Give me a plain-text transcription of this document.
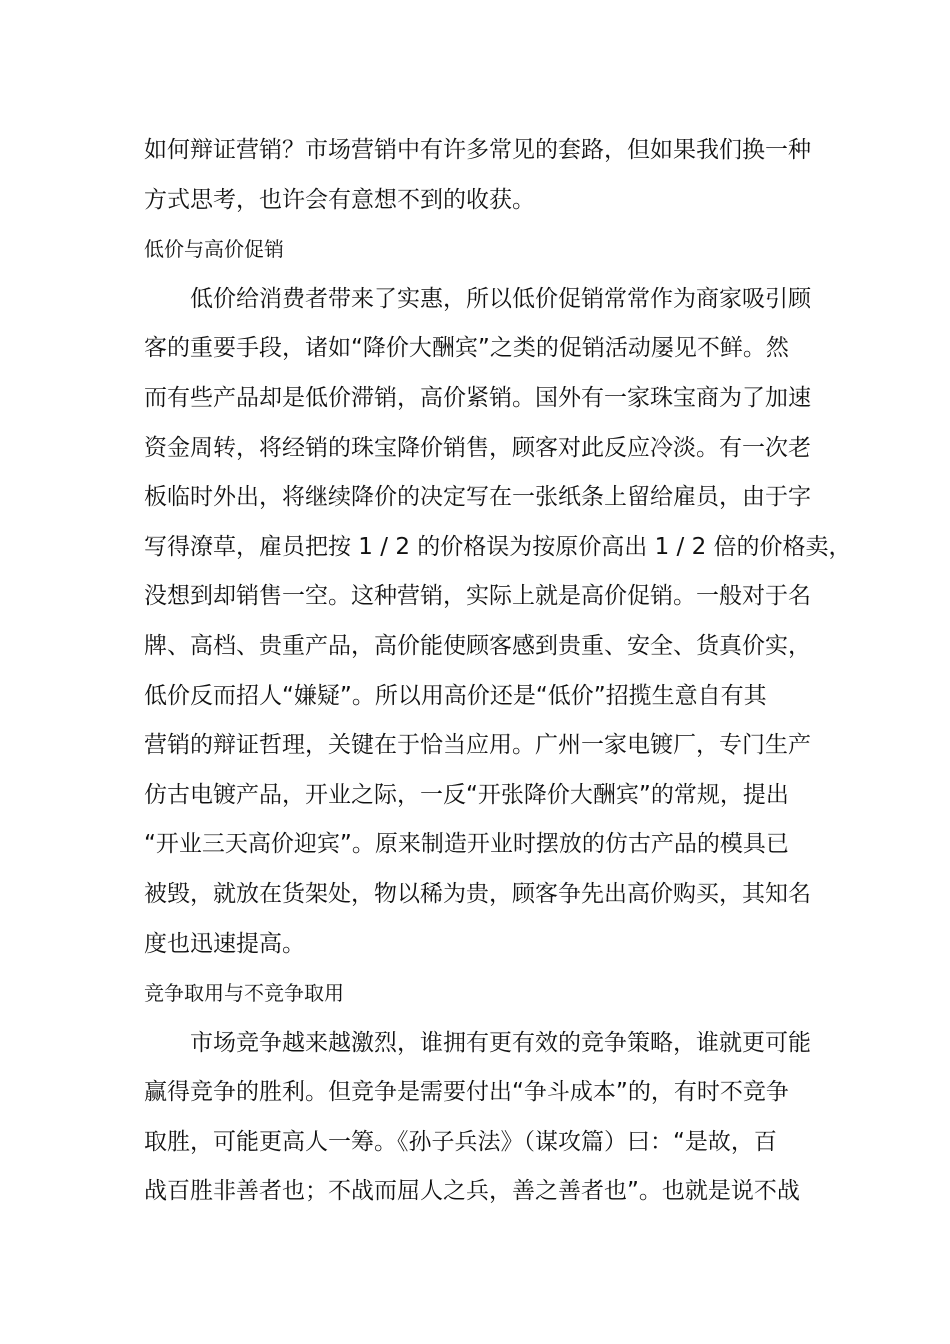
如何辩证营销？市场营销中有许多常见的套路，但如果我们换一种
方式思考，也许会有意想不到的收获。

低价与高价促销

低价给消费者带来了实惠，所以低价促销常常作为商家吸引顾
客的重要手段，诸如“降价大酬宾”之类的促销活动屡见不鲜。然
而有些产品却是低价滞销，高价紧销。国外有一家珠宝商为了加速
资金周转，将经销的珠宝降价销售，顾客对此反应冷淡。有一次老
板临时外出，将继续降价的决定写在一张纸条上留给雇员，由于字
写得潦草，雇员把按 1 / 2 的价格误为按原价高出 1 / 2 倍的价格卖，
没想到却销售一空。这种营销，实际上就是高价促销。一般对于名
牌、高档、贵重产品，高价能使顾客感到贵重、安全、货真价实，
低价反而招人“嫌疑”。所以用高价还是“低价”招揽生意自有其
营销的辩证哲理，关键在于恰当应用。广州一家电镀厂，专门生产
仿古电镀产品，开业之际，一反“开张降价大酬宾”的常规，提出
“开业三天高价迎宾”。原来制造开业时摆放的仿古产品的模具已
被毁，就放在货架处，物以稀为贵，顾客争先出高价购买，其知名
度也迅速提高。

竞争取用与不竞争取用

市场竞争越来越激烈，谁拥有更有效的竞争策略，谁就更可能
赢得竞争的胜利。但竞争是需要付出“争斗成本”的，有时不竞争
取胜，可能更高人一筹。《孙子兵法》（谋攻篇）曰：“是故，百
战百胜非善者也；不战而屈人之兵，善之善者也”。也就是说不战
